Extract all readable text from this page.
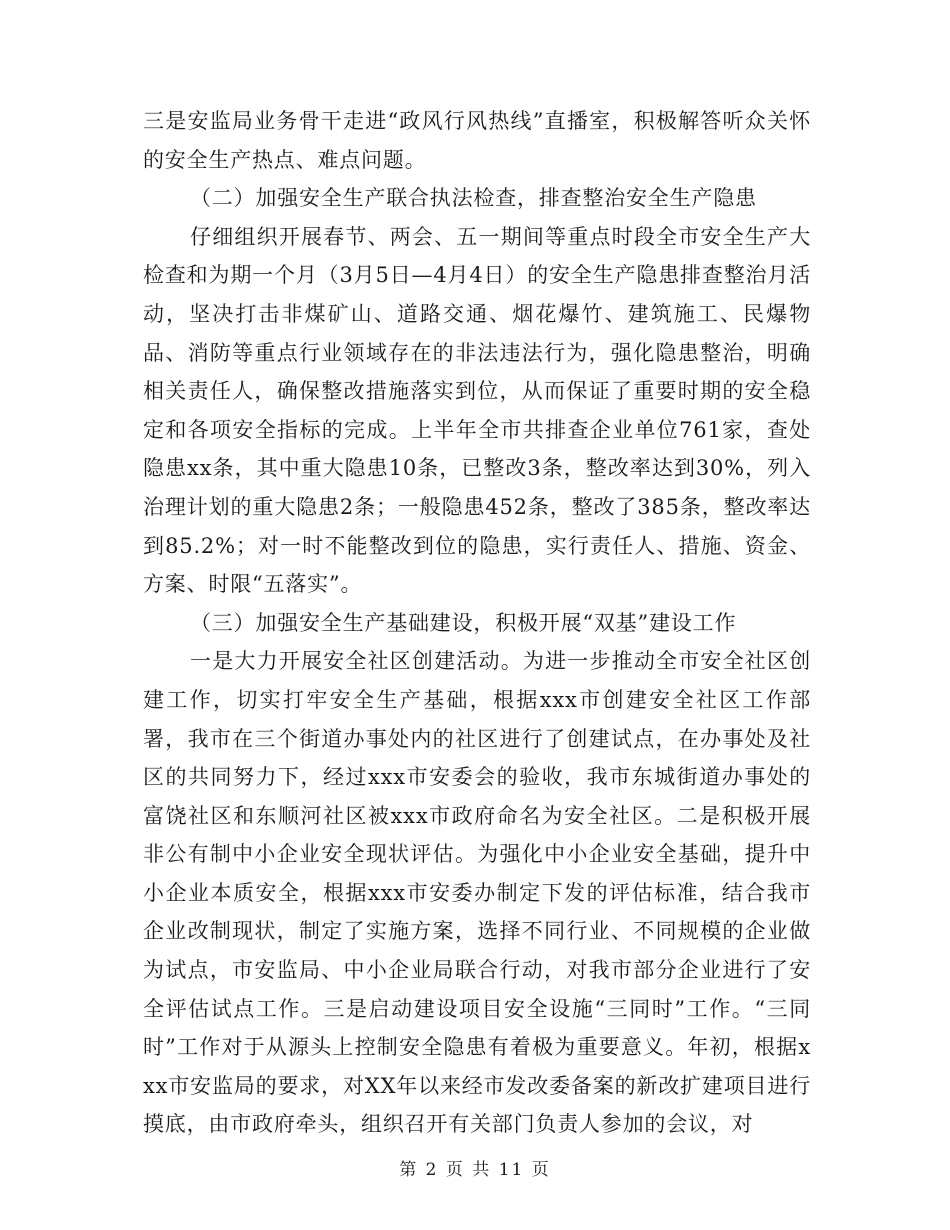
三是安监局业务骨干走进“政风行风热线”直播室，积极解答听众关怀的安全生产热点、难点问题。

（二）加强安全生产联合执法检查，排查整治安全生产隐患

仔细组织开展春节、两会、五一期间等重点时段全市安全生产大检查和为期一个月（3月5日—4月4日）的安全生产隐患排查整治月活动，坚决打击非煤矿山、道路交通、烟花爆竹、建筑施工、民爆物品、消防等重点行业领域存在的非法违法行为，强化隐患整治，明确相关责任人，确保整改措施落实到位，从而保证了重要时期的安全稳定和各项安全指标的完成。上半年全市共排查企业单位761家，查处隐患xx条，其中重大隐患10条，已整改3条，整改率达到30%，列入治理计划的重大隐患2条；一般隐患452条，整改了385条，整改率达到85.2%；对一时不能整改到位的隐患，实行责任人、措施、资金、方案、时限“五落实”。

（三）加强安全生产基础建设，积极开展“双基”建设工作

一是大力开展安全社区创建活动。为进一步推动全市安全社区创建工作，切实打牢安全生产基础，根据xxx市创建安全社区工作部署，我市在三个街道办事处内的社区进行了创建试点，在办事处及社区的共同努力下，经过xxx市安委会的验收，我市东城街道办事处的富饶社区和东顺河社区被xxx市政府命名为安全社区。二是积极开展非公有制中小企业安全现状评估。为强化中小企业安全基础，提升中小企业本质安全，根据xxx市安委办制定下发的评估标准，结合我市企业改制现状，制定了实施方案，选择不同行业、不同规模的企业做为试点，市安监局、中小企业局联合行动，对我市部分企业进行了安全评估试点工作。三是启动建设项目安全设施“三同时”工作。“三同时”工作对于从源头上控制安全隐患有着极为重要意义。年初，根据xxx市安监局的要求，对XX年以来经市发改委备案的新改扩建项目进行摸底，由市政府牵头，组织召开有关部门负责人参加的会议，对

第 2 页 共 11 页
